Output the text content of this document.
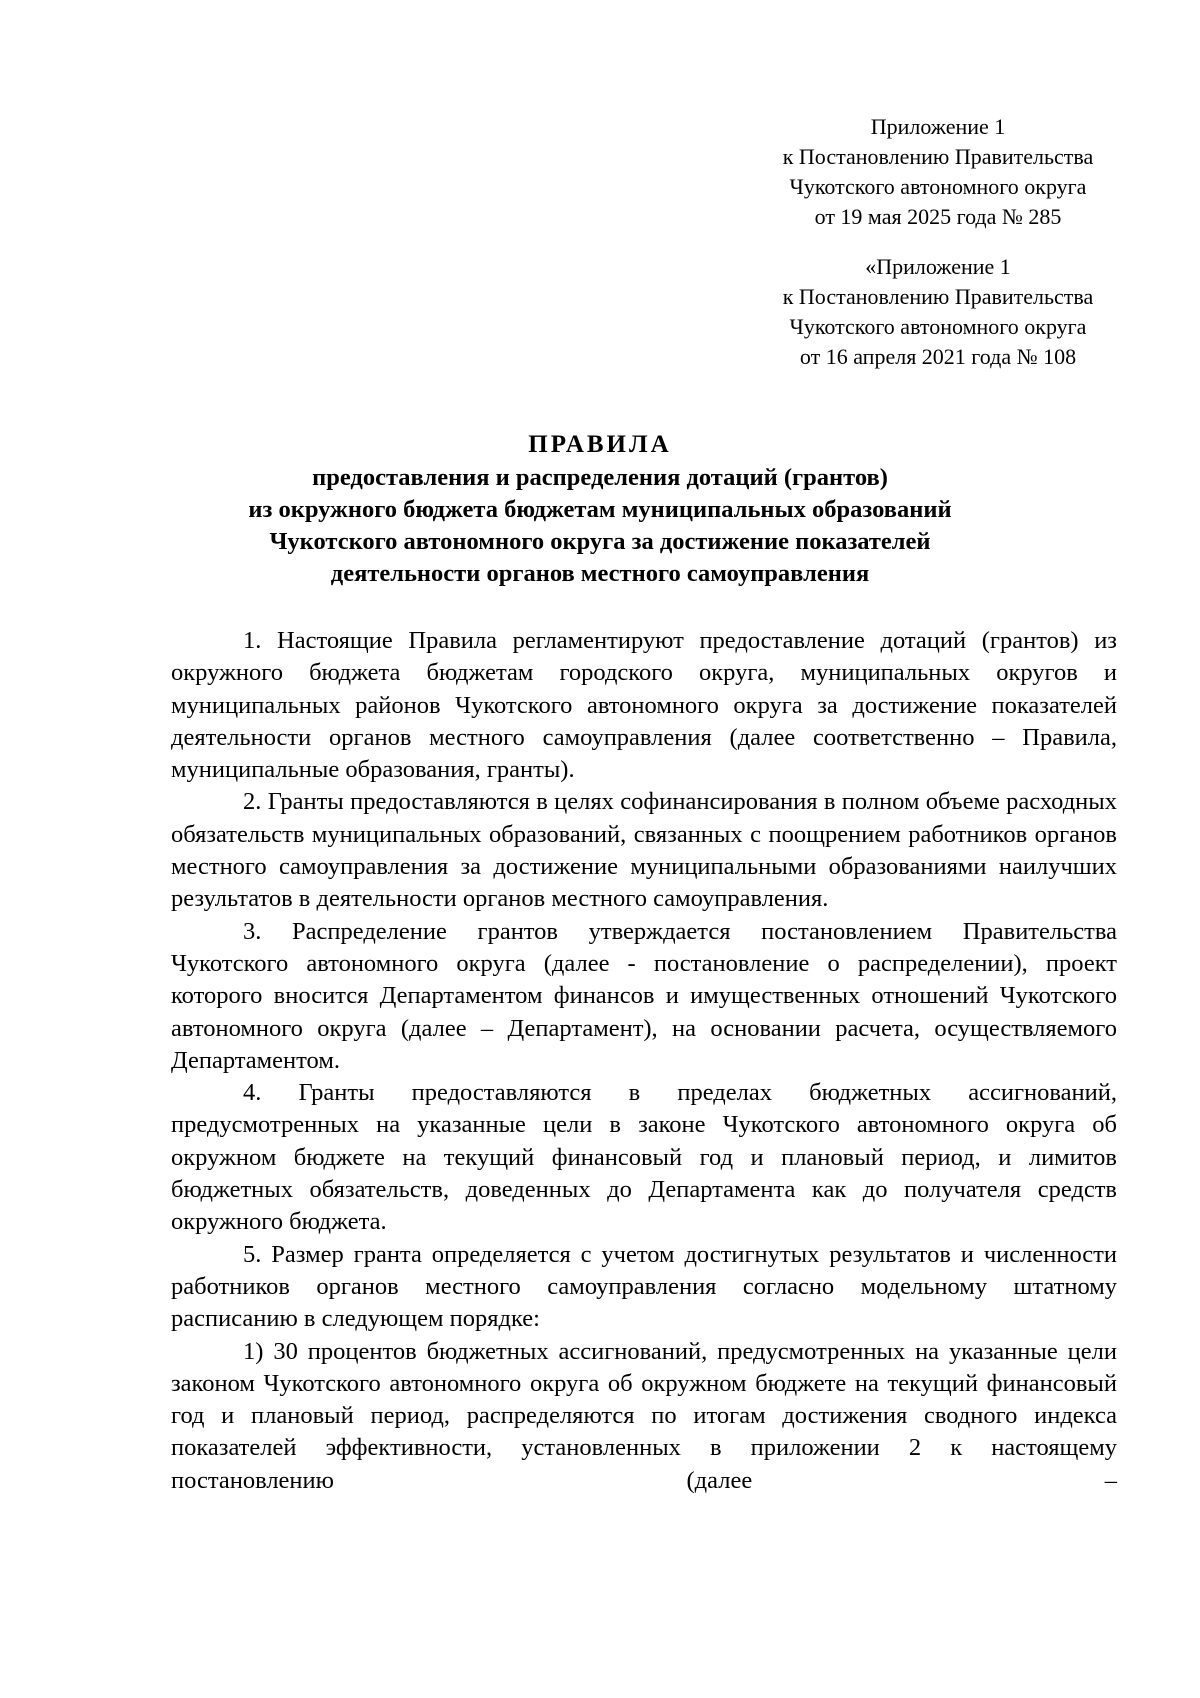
Приложение 1
к Постановлению Правительства
Чукотского автономного округа
от 19 мая 2025 года № 285
«Приложение 1
к Постановлению Правительства
Чукотского автономного округа
от 16 апреля 2021 года № 108
ПРАВИЛА
предоставления и распределения дотаций (грантов)
из окружного бюджета бюджетам муниципальных образований
Чукотского автономного округа за достижение показателей
деятельности органов местного самоуправления

1. Настоящие Правила регламентируют предоставление дотаций (грантов) из окружного бюджета бюджетам городского округа, муниципальных округов и муниципальных районов Чукотского автономного округа за достижение показателей деятельности органов местного самоуправления (далее соответственно – Правила, муниципальные образования, гранты).

2. Гранты предоставляются в целях софинансирования в полном объеме расходных обязательств муниципальных образований, связанных с поощрением работников органов местного самоуправления за достижение муниципальными образованиями наилучших результатов в деятельности органов местного самоуправления.

3. Распределение грантов утверждается постановлением Правительства Чукотского автономного округа (далее - постановление о распределении), проект которого вносится Департаментом финансов и имущественных отношений Чукотского автономного округа (далее – Департамент), на основании расчета, осуществляемого Департаментом.

4. Гранты предоставляются в пределах бюджетных ассигнований, предусмотренных на указанные цели в законе Чукотского автономного округа об окружном бюджете на текущий финансовый год и плановый период, и лимитов бюджетных обязательств, доведенных до Департамента как до получателя средств окружного бюджета.

5. Размер гранта определяется с учетом достигнутых результатов и численности работников органов местного самоуправления согласно модельному штатному расписанию в следующем порядке:

1) 30 процентов бюджетных ассигнований, предусмотренных на указанные цели законом Чукотского автономного округа об окружном бюджете на текущий финансовый год и плановый период, распределяются по итогам достижения сводного индекса показателей эффективности, установленных в приложении 2 к настоящему постановлению (далее –
